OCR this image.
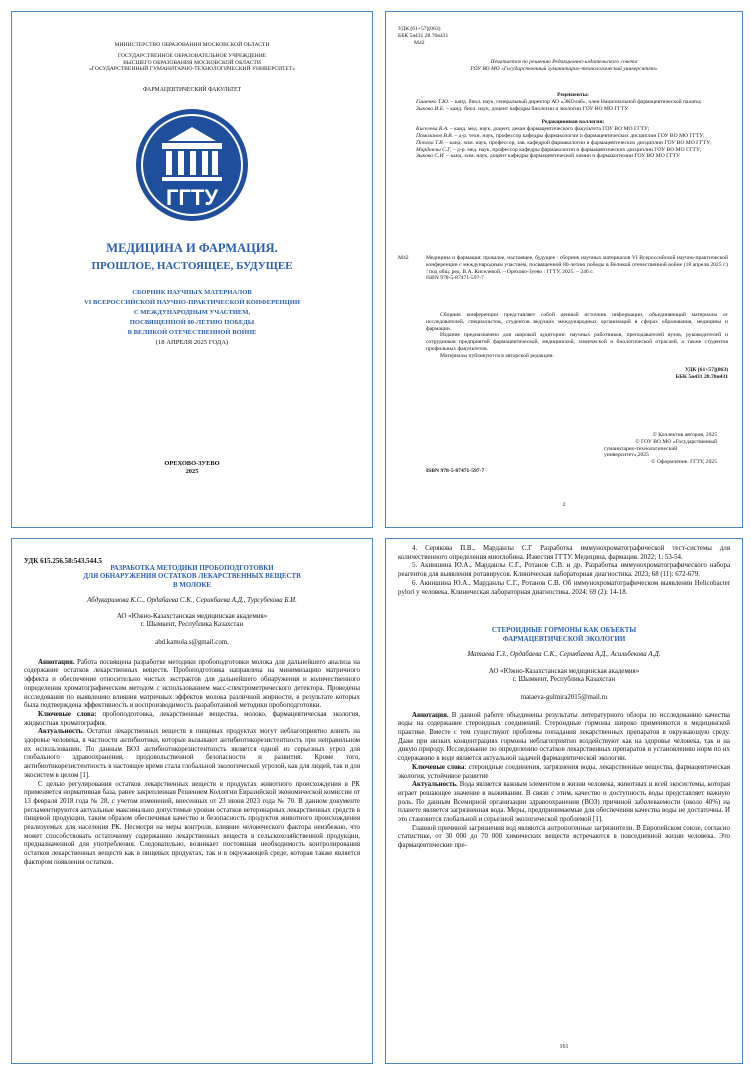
МИНИСТЕРСТВО ОБРАЗОВАНИЯ МОСКОВСКОЙ ОБЛАСТИ
ГОСУДАРСТВЕННОЕ ОБРАЗОВАТЕЛЬНОЕ УЧРЕЖДЕНИЕ
ВЫСШЕГО ОБРАЗОВАНИЯ МОСКОВСКОЙ ОБЛАСТИ
«ГОСУДАРСТВЕННЫЙ ГУМАНИТАРНО-ТЕХНОЛОГИЧЕСКИЙ УНИВЕРСИТЕТ»
ФАРМАЦЕВТИЧЕСКИЙ ФАКУЛЬТЕТ
ГГТУ
МЕДИЦИНА И ФАРМАЦИЯ.
ПРОШЛОЕ, НАСТОЯЩЕЕ, БУДУЩЕЕ
СБОРНИК НАУЧНЫХ МАТЕРИАЛОВ
VI ВСЕРОССИЙСКОЙ НАУЧНО-ПРАКТИЧЕСКОЙ КОНФЕРЕНЦИИ
С МЕЖДУНАРОДНЫМ УЧАСТИЕМ,
ПОСВЯЩЕННОЙ 80-ЛЕТИЮ ПОБЕДЫ
В ВЕЛИКОЙ ОТЕЧЕСТВЕННОЙ ВОЙНЕ
(18 АПРЕЛЯ 2025 ГОДА)
ОРЕХОВО-ЗУЕВО
2025
УДК [61+57](063)
ББК 5я431 28.70я431
М42
Печатается по решению Редакционно-издательского совета
ГОУ ВО МО «Государственный гуманитарно-технологический университет»
Рецензенты:
Гашенко Т.Ю. – канд. биол. наук, генеральный директор АО «ЭКОлаб», член Национальной фармацевтической палаты;
Зыкова И.Е. – канд. биол. наук, доцент кафедры биологии и экологии ГОУ ВО МО ГГТУ.
Редакционная коллегия:
Киселева В.А. – канд. мед. наук, доцент, декан фармацевтического факультета ГОУ ВО МО ГГТУ;
Помазанов В.В. – д-р. техн. наук, профессор кафедры фармакологии и фармацевтических дисциплин ГОУ ВО МО ГГТУ;
Попова Т.В. – канд. хим. наук, профессор, зав. кафедрой фармакологии и фармацевтических дисциплин ГОУ ВО МО ГГТУ;
Марданлы С.Г. – д-р. мед. наук, профессор кафедры фармакологии и фармацевтических дисциплин ГОУ ВО МО ГГТУ;
Зыкова С.И. – канд. хим. наук, доцент кафедры фармацевтической химии и фармакогнозии ГОУ ВО МО ГГТУ.
М42	Медицина и фармация: прошлое, настоящее, будущее : сборник научных материалов VI Всероссийской научно-практической конференции с международным участием, посвященной 80-летию победы в Великой отечественной войне (18 апреля 2025 г.) / под общ. ред. В.А. Киселевой. – Орехово-Зуево : ГГТУ, 2025. – 246 с.
ISBN 978-5-87471-597-7

Сборник конференции представляет собой ценный источник информации, объединяющий материалы от исследователей, специалистов, студентов ведущих международных организаций в сферах образования, медицины и фармации.

Издание предназначено для широкой аудитории: научных работников, преподавателей вузов, руководителей и сотрудников предприятий фармацевтической, медицинской, химической и биологической отраслей, а также студентов профильных факультетов.

Материалы публикуются в авторской редакции.

УДК [61+57](063)
ББК 5я431 28.70я431
© Коллектив авторов, 2025
© ГОУ ВО МО «Государственный
гуманитарно-технологический
университет»,2025
© Оформление. ГГТУ, 2025
ISBN 978-5-87471-597-7
2
УДК 615.256.58:543.544.5
РАЗРАБОТКА МЕТОДИКИ ПРОБОПОДГОТОВКИ
ДЛЯ ОБНАРУЖЕНИЯ ОСТАТКОВ ЛЕКАРСТВЕННЫХ ВЕЩЕСТВ
В МОЛОКЕ
Абдукаримова К.С., Ордабаева С.К., Серикбаева А.Д., Турсубекова Б.И.
АО «Южно-Казахстанская медицинская академия»
г. Шымкент, Республика Казахстан
abd.kamola.s@gmail.com,

Аннотация. Работа посвящена разработке методики пробоподготовки молока для дальнейшего анализа на содержание остатков лекарственных веществ. Пробоподготовка направлена на минимизацию матричного эффекта и обеспечение относительно чистых экстрактов для дальнейшего обнаружения и количественного определения хроматографическим методом с использованием масс-спектрометрического детектора. Проведены исследования по выявлению влияния матричных эффектов молока различной жирности, в результате которых была подтверждена эффективность и воспроизводимость разработанной методики пробоподготовки.

Ключевые слова: пробоподготовка, лекарственные вещества, молоко, фармацевтическая экология, жидкостная хроматография.

Актуальность. Остатки лекарственных веществ в пищевых продуктах могут неблагоприятно влиять на здоровье человека, в частности антибиотики, которые вызывают антибиотикорезистентность при неправильном их использовании. По данным ВОЗ антибиотикорезистентность является одной из серьезных угроз для глобального здравоохранения, продовольственной безопасности и развития. Кроме того, антибиотикорезистентность в настоящее время стала глобальной экологической угрозой, как для людей, так и для экосистем в целом [1].

С целью регулирования остатков лекарственных веществ в продуктах животного происхождения в РК применяется нормативная база, ранее закрепленная Решением Коллегии Евразийской экономической комиссии от 13 февраля 2018 года № 28, с учетом изменений, внесенных от 23 июня 2023 года № 70. В данном документе регламентируются актуальные максимально допустимые уровни остатков ветеринарных лекарственных средств в пищевой продукции, таким образом обеспечивая качество и безопасность продуктов животного происхождения реализуемых для населения РК. Несмотря на меры контроля, влияние человеческого фактора неизбежно, что может способствовать остаточному содержанию лекарственных веществ в сельскохозяйственной продукции, предназначенной для употребления. Следовательно, возникает постоянная необходимость контролирования остатков лекарственных веществ как в пищевых продуктах, так и в окружающей среде, которая также является фактором появления остатков.

4. Серякова П.В., Марданлы С.Г Разработка иммунохроматографической тест-системы для количественного определения миоглобина. Известия ГГТУ. Медицина, фармация. 2022; 1: 53-54.

5. Акиншина Ю.А., Марданлы С.Г., Ротанов С.В. и др. Разработка иммунохроматографического набора реагентов для выявления ротавирусов. Клиническая лабораторная диагностика. 2023; 68 (11): 672-679.

6. Акиншина Ю.А., Марданлы С.Г., Ротанов С.В. Об иммунохроматографическом выявлении Helicobacter pylori у человека. Клиническая лабораторная диагностика. 2024; 69 (2): 14-18.

СТЕРОИДНЫЕ ГОРМОНЫ КАК ОБЪЕКТЫ
ФАРМАЦЕВТИЧЕСКОЙ ЭКОЛОГИИ
Матаева Г.З., Ордабаева С.К., Серикбаева А.Д., Асильбекова А.Д.
АО «Южно-Казахстанская медицинская академия»
г. Шымкент, Республика Казахстан
mataeva-gulmira2015@mail.ru

Аннотация. В данной работе объединены результаты литературного обзора по исследованию качества воды на содержание стероидных соединений. Стероидные гормоны широко применяются в медицинской практике. Вместе с тем существуют проблемы попадания лекарственных препаратов в окружающую среду. Даже при низких концентрациях гормоны неблагоприятно воздействуют как на здоровье человека, так и на дикую природу. Исследование по определению остатков лекарственных препаратов и установлению норм по их содержанию в воде является актуальной задачей фармацевтической экологии.

Ключевые слова: стероидные соединения, загрязнения воды, лекарственные вещества, фармацевтическая экология, устойчивое развитие

Актуальность. Вода является важным элементом в жизни человека, животных и всей экосистемы, которая играет решающее значение в выживании. В связи с этим, качество и доступность воды представляет важную роль. По данным Всемирной организации здравоохранения (ВОЗ) причиной заболеваемости (около 40%) на планете является загрязненная вода. Меры, предпринимаемые для обеспечения качества воды не достаточны. И это становится глобальной и серьезной экологической проблемой [1].

Главной причиной загрязнения вод являются антропогенные загрязнители. В Европейском союзе, согласно статистике, от 30 000 до 70 000 химических веществ встречаются в повседневной жизни человека. Это фармацевтические пре-

161
